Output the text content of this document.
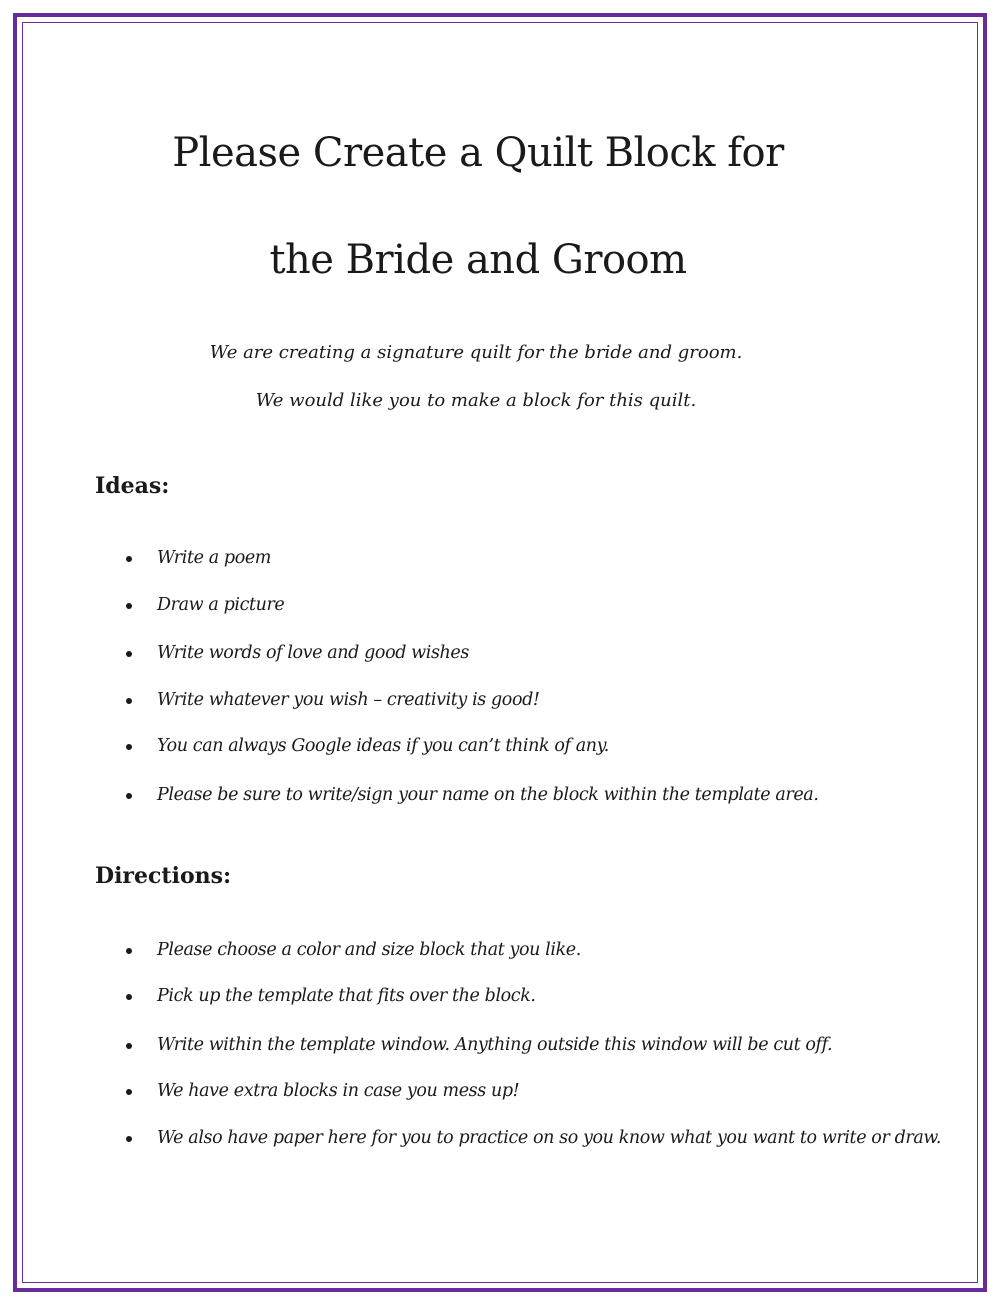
Please Create a Quilt Block for
the Bride and Groom

We are creating a signature quilt for the bride and groom.

We would like you to make a block for this quilt.

Ideas:
Write a poem
Draw a picture
Write words of love and good wishes
Write whatever you wish – creativity is good!
You can always Google ideas if you can’t think of any.
Please be sure to write/sign your name on the block within the template area.
Directions:
Please choose a color and size block that you like.
Pick up the template that fits over the block.
Write within the template window. Anything outside this window will be cut off.
We have extra blocks in case you mess up!
We also have paper here for you to practice on so you know what you want to write or draw.
